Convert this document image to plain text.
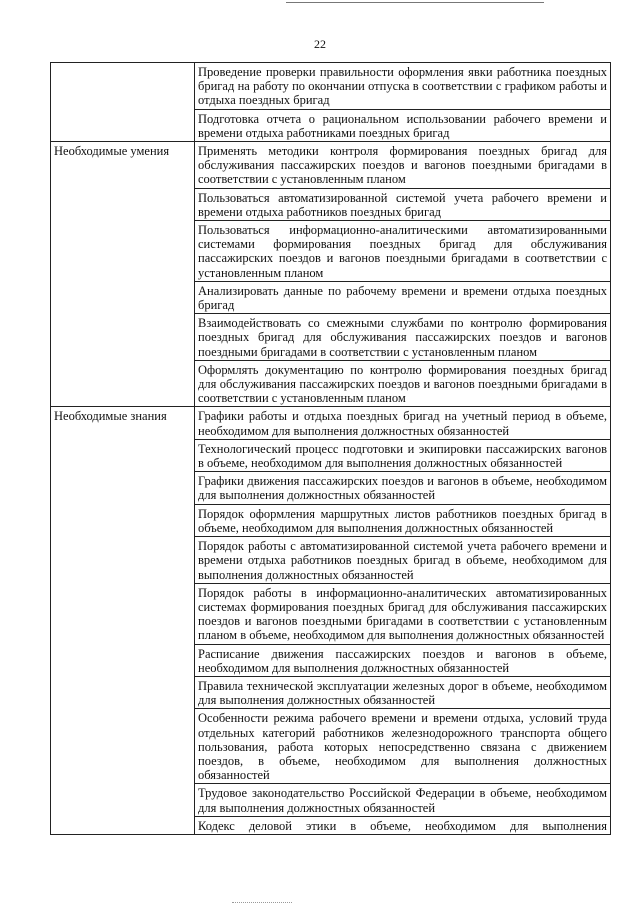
22
	Проведение проверки правильности оформления явки работника поездных бригад на работу по окончании отпуска в соответствии с графиком работы и отдыха поездных бригад
	Подготовка отчета о рациональном использовании рабочего времени и времени отдыха работниками поездных бригад
Необходимые умения	Применять методики контроля формирования поездных бригад для обслуживания пассажирских поездов и вагонов поездными бригадами в соответствии с установленным планом
	Пользоваться автоматизированной системой учета рабочего времени и времени отдыха работников поездных бригад
	Пользоваться информационно-аналитическими автоматизированными системами формирования поездных бригад для обслуживания пассажирских поездов и вагонов поездными бригадами в соответствии с установленным планом
	Анализировать данные по рабочему времени и времени отдыха поездных бригад
	Взаимодействовать со смежными службами по контролю формирования поездных бригад для обслуживания пассажирских поездов и вагонов поездными бригадами в соответствии с установленным планом
	Оформлять документацию по контролю формирования поездных бригад для обслуживания пассажирских поездов и вагонов поездными бригадами в соответствии с установленным планом
Необходимые знания	Графики работы и отдыха поездных бригад на учетный период в объеме, необходимом для выполнения должностных обязанностей
	Технологический процесс подготовки и экипировки пассажирских вагонов в объеме, необходимом для выполнения должностных обязанностей
	Графики движения пассажирских поездов и вагонов в объеме, необходимом для выполнения должностных обязанностей
	Порядок оформления маршрутных листов работников поездных бригад в объеме, необходимом для выполнения должностных обязанностей
	Порядок работы с автоматизированной системой учета рабочего времени и времени отдыха работников поездных бригад в объеме, необходимом для выполнения должностных обязанностей
	Порядок работы в информационно-аналитических автоматизированных системах формирования поездных бригад для обслуживания пассажирских поездов и вагонов поездными бригадами в соответствии с установленным планом в объеме, необходимом для выполнения должностных обязанностей
	Расписание движения пассажирских поездов и вагонов в объеме, необходимом для выполнения должностных обязанностей
	Правила технической эксплуатации железных дорог в объеме, необходимом для выполнения должностных обязанностей
	Особенности режима рабочего времени и времени отдыха, условий труда отдельных категорий работников железнодорожного транспорта общего пользования, работа которых непосредственно связана с движением поездов, в объеме, необходимом для выполнения должностных обязанностей
	Трудовое законодательство Российской Федерации в объеме, необходимом для выполнения должностных обязанностей
	Кодекс деловой этики в объеме, необходимом для выполнения
